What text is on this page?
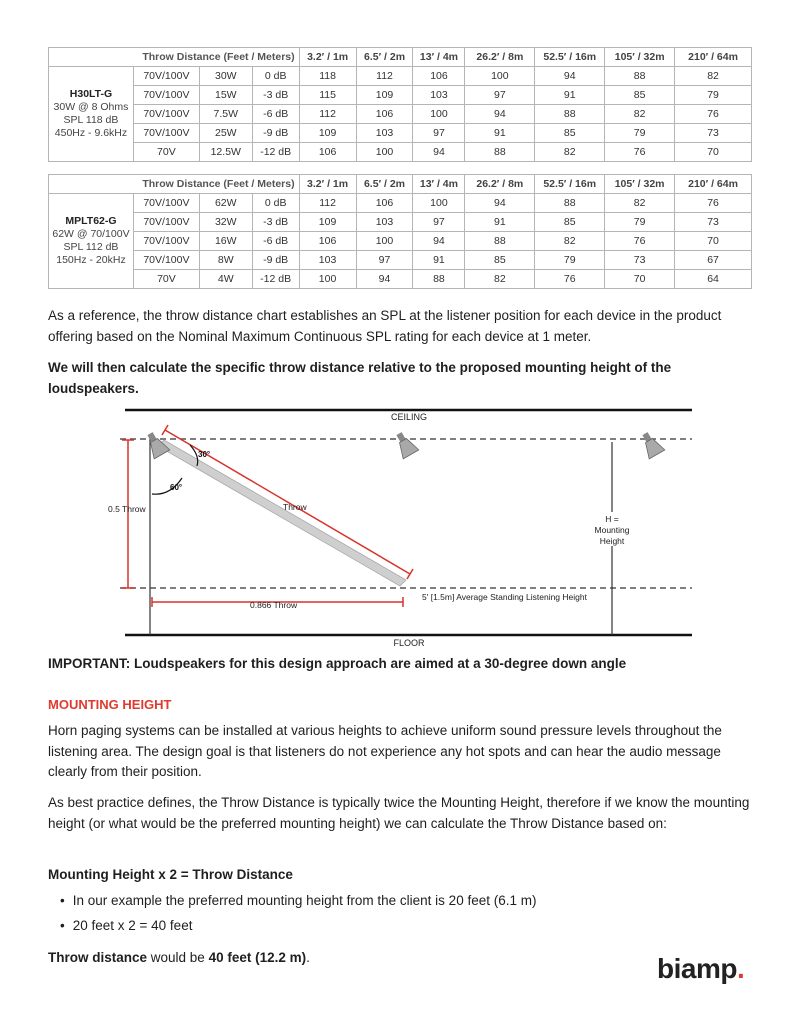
Throw Distance (Feet / Meters)				3.2′ / 1m	6.5′ / 2m	13′ / 4m	26.2′ / 8m	52.5′ / 16m	105′ / 32m	210′ / 64m

H30LT-G
30W @ 8 Ohms
SPL 118 dB
450Hz - 9.6kHz	70V/100V	30W	0 dB	118	112	106	100	94	88	82
	70V/100V	15W	-3 dB	115	109	103	97	91	85	79
	70V/100V	7.5W	-6 dB	112	106	100	94	88	82	76
	70V/100V	25W	-9 dB	109	103	97	91	85	79	73
	70V	12.5W	-12 dB	106	100	94	88	82	76	70
Throw Distance (Feet / Meters)				3.2′ / 1m	6.5′ / 2m	13′ / 4m	26.2′ / 8m	52.5′ / 16m	105′ / 32m	210′ / 64m

MPLT62-G
62W @ 70/100V
SPL 112 dB
150Hz - 20kHz	70V/100V	62W	0 dB	112	106	100	94	88	82	76
	70V/100V	32W	-3 dB	109	103	97	91	85	79	73
	70V/100V	16W	-6 dB	106	100	94	88	82	76	70
	70V/100V	8W	-9 dB	103	97	91	85	79	73	67
	70V	4W	-12 dB	100	94	88	82	76	70	64

As a reference, the throw distance chart establishes an SPL at the listener position for each device in the product offering based on the Nominal Maximum Continuous SPL rating for each device at 1 meter.

We will then calculate the specific throw distance relative to the proposed mounting height of the loudspeakers.

CEILING
FLOOR
0.5 Throw
0.866 Throw
5' [1.5m] Average Standing Listening Height
Throw
30°
60°
H =
Mounting
Height

IMPORTANT: Loudspeakers for this design approach are aimed at a 30-degree down angle

MOUNTING HEIGHT

Horn paging systems can be installed at various heights to achieve uniform sound pressure levels throughout the listening area. The design goal is that listeners do not experience any hot spots and can hear the audio message clearly from their position.

As best practice defines, the Throw Distance is typically twice the Mounting Height, therefore if we know the mounting height (or what would be the preferred mounting height) we can calculate the Throw Distance based on:

Mounting Height x 2 = Throw Distance

• In our example the preferred mounting height from the client is 20 feet (6.1 m)
• 20 feet x 2 = 40 feet

Throw distance would be 40 feet (12.2 m).	biamp.
